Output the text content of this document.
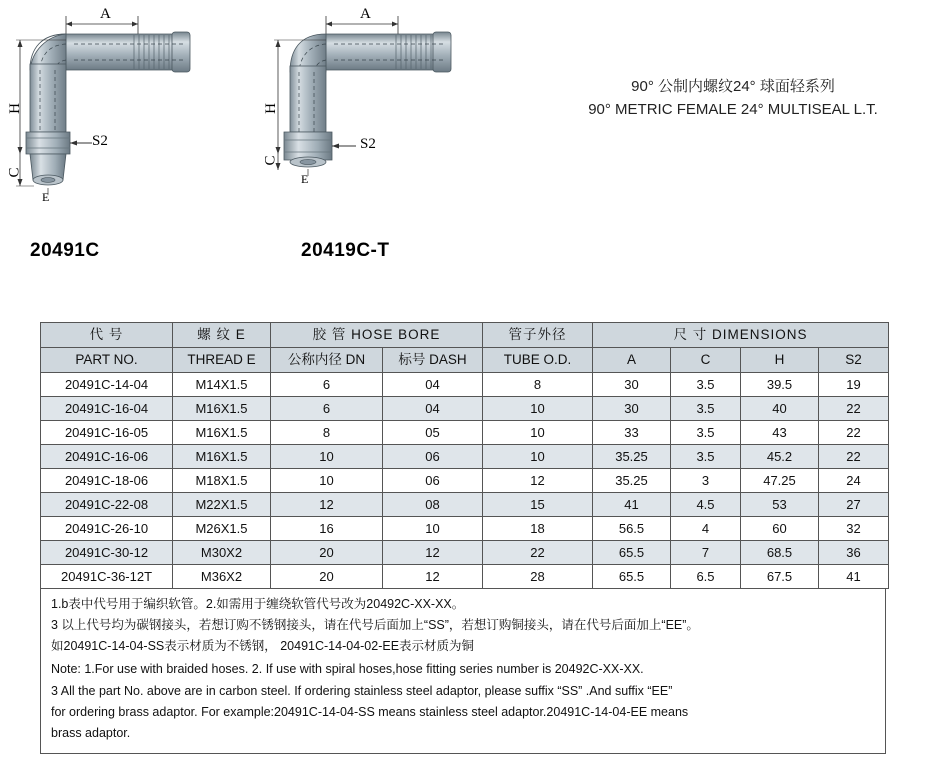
A
H
C
E
S2
20491C
A
H
C
E
S2
20419C-T
90° 公制内螺纹24° 球面轻系列
90° METRIC FEMALE 24° MULTISEAL L.T.
代 号	螺 纹 E	胶 管 HOSE BORE		管子外径	尺 寸 DIMENSIONS			
PART NO.	THREAD E	公称内径 DN	标号 DASH	TUBE O.D.	A	C	H	S2
20491C-14-04	M14X1.5	6	04	8	30	3.5	39.5	19
20491C-16-04	M16X1.5	6	04	10	30	3.5	40	22
20491C-16-05	M16X1.5	8	05	10	33	3.5	43	22
20491C-16-06	M16X1.5	10	06	10	35.25	3.5	45.2	22
20491C-18-06	M18X1.5	10	06	12	35.25	3	47.25	24
20491C-22-08	M22X1.5	12	08	15	41	4.5	53	27
20491C-26-10	M26X1.5	16	10	18	56.5	4	60	32
20491C-30-12	M30X2	20	12	22	65.5	7	68.5	36
20491C-36-12T	M36X2	20	12	28	65.5	6.5	67.5	41

1.b表中代号用于编织软管。2.如需用于缠绕软管代号改为20492C-XX-XX。

3 以上代号均为碳钢接头，若想订购不锈钢接头，请在代号后面加上“SS”，若想订购铜接头，请在代号后面加上“EE”。

如20491C-14-04-SS表示材质为不锈钢， 20491C-14-04-02-EE表示材质为铜

Note: 1.For use with braided hoses. 2. If use with spiral hoses,hose fitting series number is 20492C-XX-XX.

3 All the part No. above are in carbon steel. If ordering stainless steel adaptor, please suffix “SS” .And suffix “EE”

for ordering brass adaptor. For example:20491C-14-04-SS means stainless steel adaptor.20491C-14-04-EE means

brass adaptor.
